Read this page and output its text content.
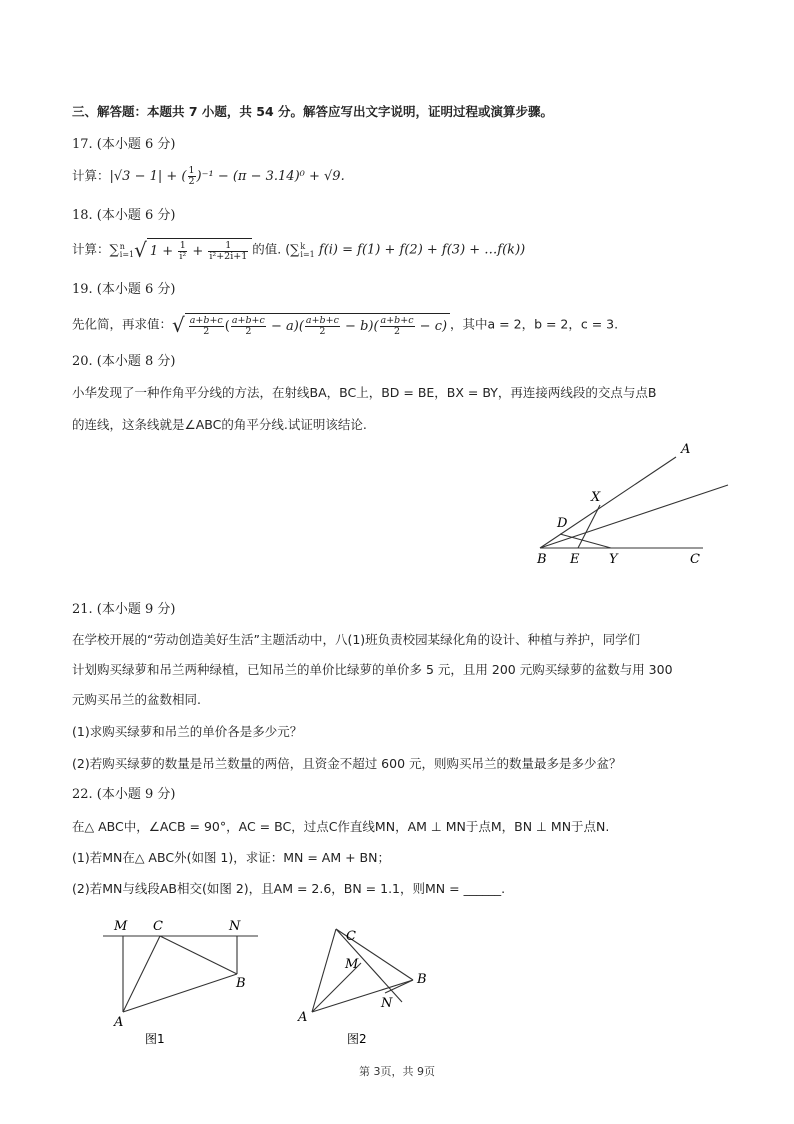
三、解答题：本题共 7 小题，共 54 分。解答应写出文字说明，证明过程或演算步骤。
17. (本小题 6 分)
计算：|√3 − 1| + ( $\frac{1}{2} )^{-1} - (\pi - 3.14)^0 + √9$.
18. (本小题 6 分)
计算：∑ n
i=1 √ $1 + \frac{1}{\text{i²}} + \frac{1}{\text{i²+2i+1}}$ 的值. (∑ k
i=1 f(i) = f(1) + f(2) + f(3) + …f(k))
19. (本小题 6 分)
先化简，再求值：√ $\frac{a+b+c}{2}$ ( $\frac{a+b+c}{2} - a)( \frac{a+b+c}{2} - b)( \frac{a+b+c}{2} - c)$ ，其中a = 2，b = 2，c = 3.
20. (本小题 8 分)
小华发现了一种作角平分线的方法，在射线BA，BC上，BD = BE，BX = BY，再连接两线段的交点与点B
的连线，这条线就是∠ABC的角平分线.试证明该结论.
A
X
D
B E Y	C
21. (本小题 9 分)
在学校开展的“劳动创造美好生活”主题活动中，八(1)班负责校园某绿化角的设计、种植与养护，同学们
计划购买绿萝和吊兰两种绿植，已知吊兰的单价比绿萝的单价多 5 元，且用 200 元购买绿萝的盆数与用 300
元购买吊兰的盆数相同.
(1)求购买绿萝和吊兰的单价各是多少元？
(2)若购买绿萝的数量是吊兰数量的两倍，且资金不超过 600 元，则购买吊兰的数量最多是多少盆？
22. (本小题 9 分)
在△ ABC中，∠ACB = 90°，AC = BC，过点C作直线MN，AM ⊥ MN于点M，BN ⊥ MN于点N.
(1)若MN在△ ABC外(如图 1)，求证：MN = AM + BN；
(2)若MN与线段AB相交(如图 2)，且AM = 2.6，BN = 1.1，则MN = ______.
M C	N
B
A
图1
C
M
B
N
A
图2
第 3页，共 9页
